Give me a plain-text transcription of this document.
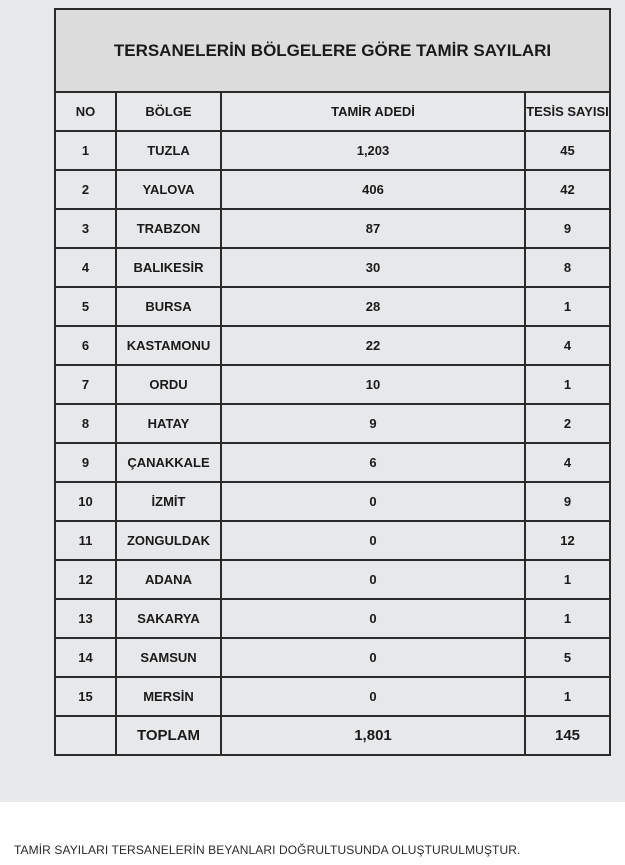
TERSANELERİN BÖLGELERE GÖRE TAMİR SAYILARI			
NO	BÖLGE	TAMİR ADEDİ	TESİS SAYISI
1	TUZLA	1,203	45
2	YALOVA	406	42
3	TRABZON	87	9
4	BALIKESİR	30	8
5	BURSA	28	1
6	KASTAMONU	22	4
7	ORDU	10	1
8	HATAY	9	2
9	ÇANAKKALE	6	4
10	İZMİT	0	9
11	ZONGULDAK	0	12
12	ADANA	0	1
13	SAKARYA	0	1
14	SAMSUN	0	5
15	MERSİN	0	1
	TOPLAM	1,801	145
TAMİR SAYILARI TERSANELERİN BEYANLARI DOĞRULTUSUNDA OLUŞTURULMUŞTUR.
